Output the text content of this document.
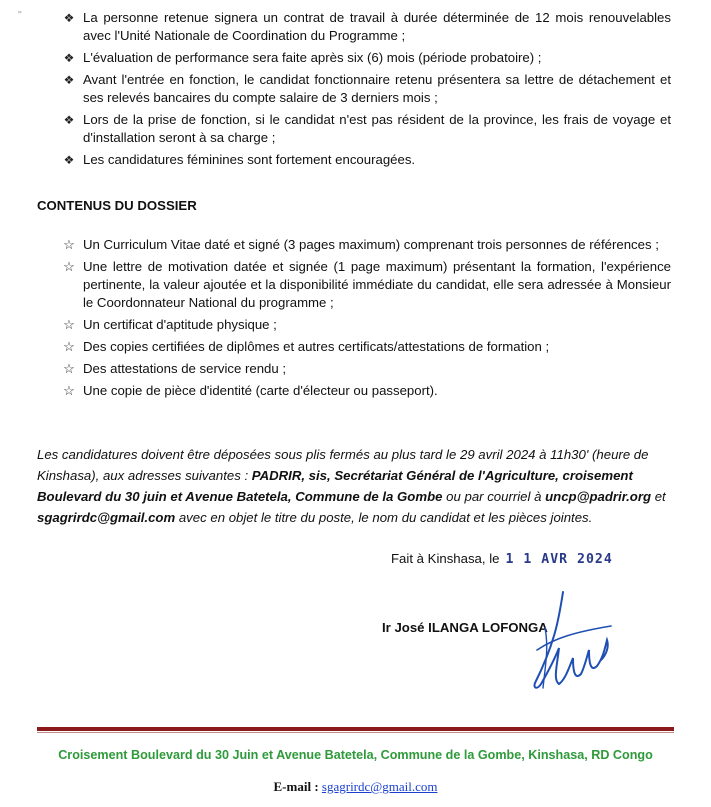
''	❖ La personne retenue signera un contrat de travail à durée déterminée de 12 mois renouvelables avec l'Unité Nationale de Coordination du Programme ;
❖ L'évaluation de performance sera faite après six (6) mois (période probatoire) ;
❖ Avant l'entrée en fonction, le candidat fonctionnaire retenu présentera sa lettre de détachement et ses relevés bancaires du compte salaire de 3 derniers mois ;
❖ Lors de la prise de fonction, si le candidat n'est pas résident de la province, les frais de voyage et d'installation seront à sa charge ;
❖ Les candidatures féminines sont fortement encouragées.
CONTENUS DU DOSSIER
☆ Un Curriculum Vitae daté et signé (3 pages maximum) comprenant trois personnes de références ;
☆ Une lettre de motivation datée et signée (1 page maximum) présentant la formation, l'expérience pertinente, la valeur ajoutée et la disponibilité immédiate du candidat, elle sera adressée à Monsieur le Coordonnateur National du programme ;
☆ Un certificat d'aptitude physique ;
☆ Des copies certifiées de diplômes et autres certificats/attestations de formation ;
☆ Des attestations de service rendu ;
☆ Une copie de pièce d'identité (carte d'électeur ou passeport).
Les candidatures doivent être déposées sous plis fermés au plus tard le 29 avril 2024 à 11h30' (heure de Kinshasa), aux adresses suivantes : PADRIR, sis, Secrétariat Général de l'Agriculture, croisement Boulevard du 30 juin et Avenue Batetela, Commune de la Gombe ou par courriel à uncp@padrir.org et sgagrirdc@gmail.com avec en objet le titre du poste, le nom du candidat et les pièces jointes.
Fait à Kinshasa, le 1 1 AVR 2024
Ir José ILANGA LOFONGA
Croisement Boulevard du 30 Juin et Avenue Batetela, Commune de la Gombe, Kinshasa, RD Congo
E-mail : sgagrirdc@gmail.com
